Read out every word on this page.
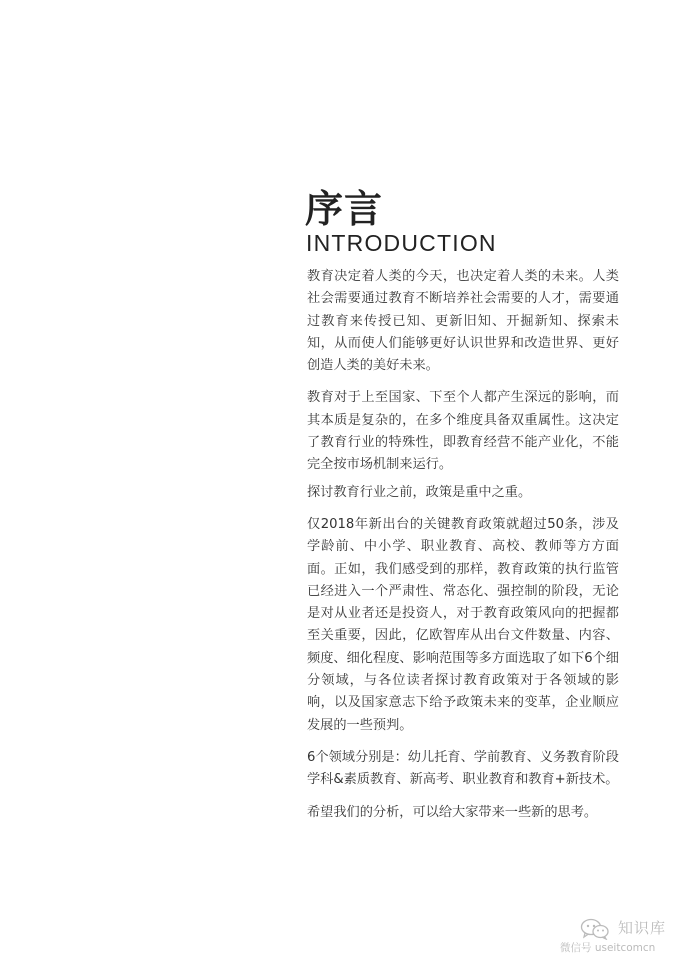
序言
INTRODUCTION

教育决定着人类的今天，也决定着人类的未来。人类社会需要通过教育不断培养社会需要的人才，需要通过教育来传授已知、更新旧知、开掘新知、探索未知，从而使人们能够更好认识世界和改造世界、更好创造人类的美好未来。

教育对于上至国家、下至个人都产生深远的影响，而其本质是复杂的，在多个维度具备双重属性。这决定了教育行业的特殊性，即教育经营不能产业化，不能完全按市场机制来运行。

探讨教育行业之前，政策是重中之重。

仅2018年新出台的关键教育政策就超过50条，涉及学龄前、中小学、职业教育、高校、教师等方方面面。正如，我们感受到的那样，教育政策的执行监管已经进入一个严肃性、常态化、强控制的阶段，无论是对从业者还是投资人，对于教育政策风向的把握都至关重要，因此，亿欧智库从出台文件数量、内容、频度、细化程度、影响范围等多方面选取了如下6个细分领域，与各位读者探讨教育政策对于各领域的影响，以及国家意志下给予政策未来的变革，企业顺应发展的一些预判。

6个领域分别是：幼儿托育、学前教育、义务教育阶段学科&素质教育、新高考、职业教育和教育+新技术。

希望我们的分析，可以给大家带来一些新的思考。

知识库
微信号 useitcomcn
